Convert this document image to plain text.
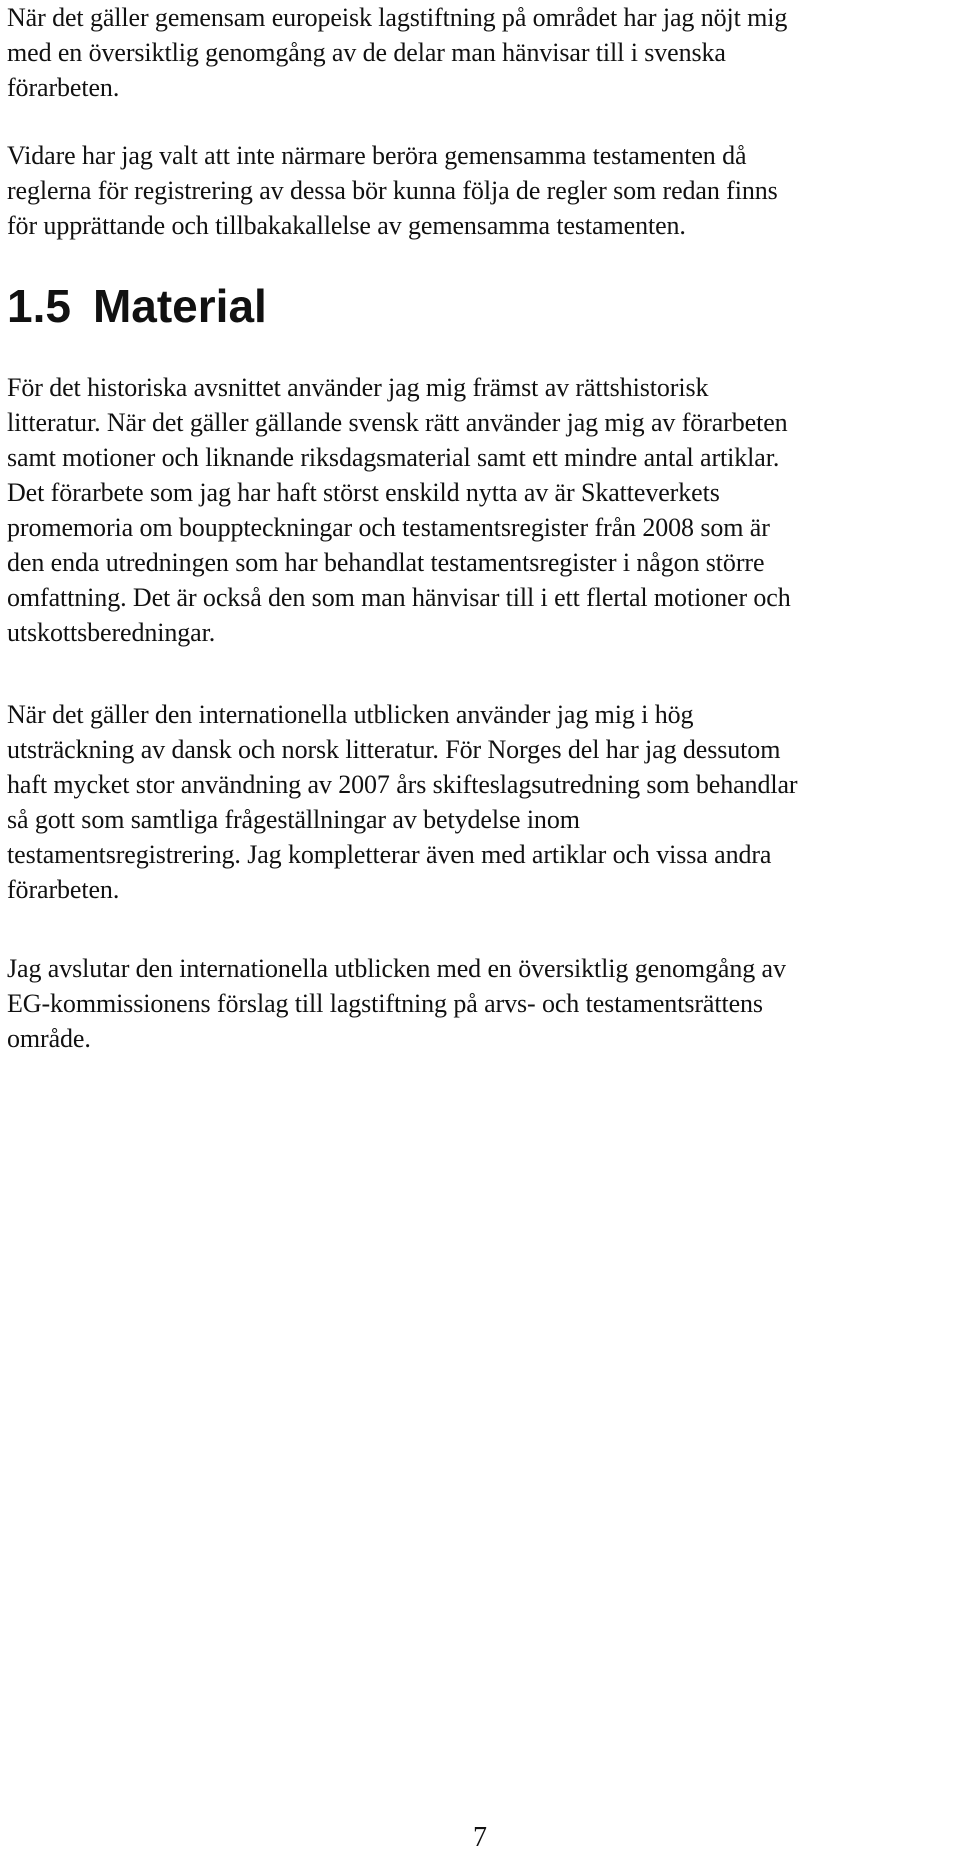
När det gäller gemensam europeisk lagstiftning på området har jag nöjt mig
med en översiktlig genomgång av de delar man hänvisar till i svenska
förarbeten.
Vidare har jag valt att inte närmare beröra gemensamma testamenten då
reglerna för registrering av dessa bör kunna följa de regler som redan finns
för upprättande och tillbakakallelse av gemensamma testamenten.
1.5 Material
För det historiska avsnittet använder jag mig främst av rättshistorisk
litteratur. När det gäller gällande svensk rätt använder jag mig av förarbeten
samt motioner och liknande riksdagsmaterial samt ett mindre antal artiklar.
Det förarbete som jag har haft störst enskild nytta av är Skatteverkets
promemoria om bouppteckningar och testamentsregister från 2008 som är
den enda utredningen som har behandlat testamentsregister i någon större
omfattning. Det är också den som man hänvisar till i ett flertal motioner och
utskottsberedningar.
När det gäller den internationella utblicken använder jag mig i hög
utsträckning av dansk och norsk litteratur. För Norges del har jag dessutom
haft mycket stor användning av 2007 års skifteslagsutredning som behandlar
så gott som samtliga frågeställningar av betydelse inom
testamentsregistrering. Jag kompletterar även med artiklar och vissa andra
förarbeten.
Jag avslutar den internationella utblicken med en översiktlig genomgång av
EG-kommissionens förslag till lagstiftning på arvs- och testamentsrättens
område.
7
